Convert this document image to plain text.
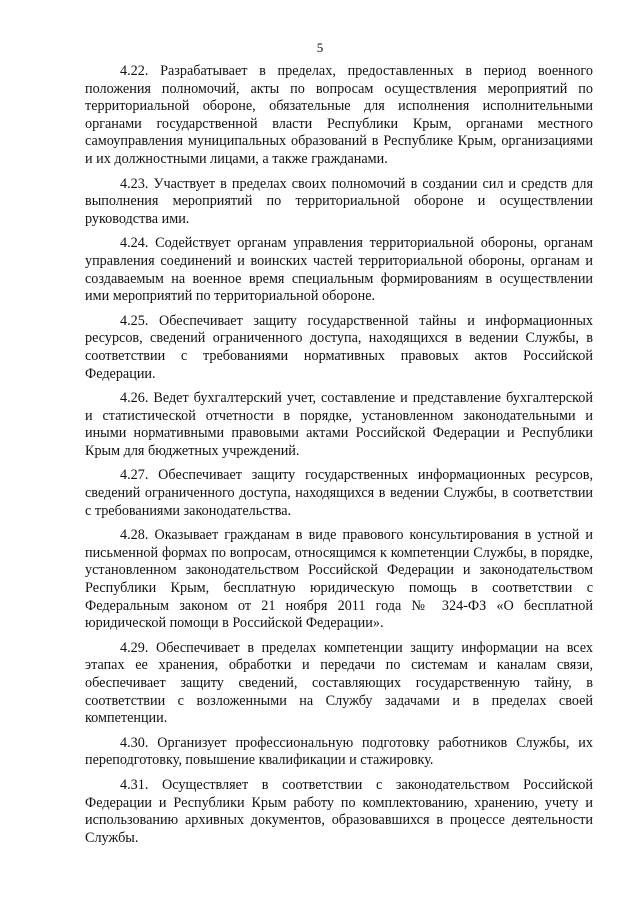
5

4.22. Разрабатывает в пределах, предоставленных в период военного положения полномочий, акты по вопросам осуществления мероприятий по территориальной обороне, обязательные для исполнения исполнительными органами государственной власти Республики Крым, органами местного самоуправления муниципальных образований в Республике Крым, организациями и их должностными лицами, а также гражданами.

4.23. Участвует в пределах своих полномочий в создании сил и средств для выполнения мероприятий по территориальной обороне и осуществлении руководства ими.

4.24. Содействует органам управления территориальной обороны, органам управления соединений и воинских частей территориальной обороны, органам и создаваемым на военное время специальным формированиям в осуществлении ими мероприятий по территориальной обороне.

4.25. Обеспечивает защиту государственной тайны и информационных ресурсов, сведений ограниченного доступа, находящихся в ведении Службы, в соответствии с требованиями нормативных правовых актов Российской Федерации.

4.26. Ведет бухгалтерский учет, составление и представление бухгалтерской и статистической отчетности в порядке, установленном законодательными и иными нормативными правовыми актами Российской Федерации и Республики Крым для бюджетных учреждений.

4.27. Обеспечивает защиту государственных информационных ресурсов, сведений ограниченного доступа, находящихся в ведении Службы, в соответствии с требованиями законодательства.

4.28. Оказывает гражданам в виде правового консультирования в устной и письменной формах по вопросам, относящимся к компетенции Службы, в порядке, установленном законодательством Российской Федерации и законодательством Республики Крым, бесплатную юридическую помощь в соответствии с Федеральным законом от 21 ноября 2011 года № 324-ФЗ «О бесплатной юридической помощи в Российской Федерации».

4.29. Обеспечивает в пределах компетенции защиту информации на всех этапах ее хранения, обработки и передачи по системам и каналам связи, обеспечивает защиту сведений, составляющих государственную тайну, в соответствии с возложенными на Службу задачами и в пределах своей компетенции.

4.30. Организует профессиональную подготовку работников Службы, их переподготовку, повышение квалификации и стажировку.

4.31. Осуществляет в соответствии с законодательством Российской Федерации и Республики Крым работу по комплектованию, хранению, учету и использованию архивных документов, образовавшихся в процессе деятельности Службы.
